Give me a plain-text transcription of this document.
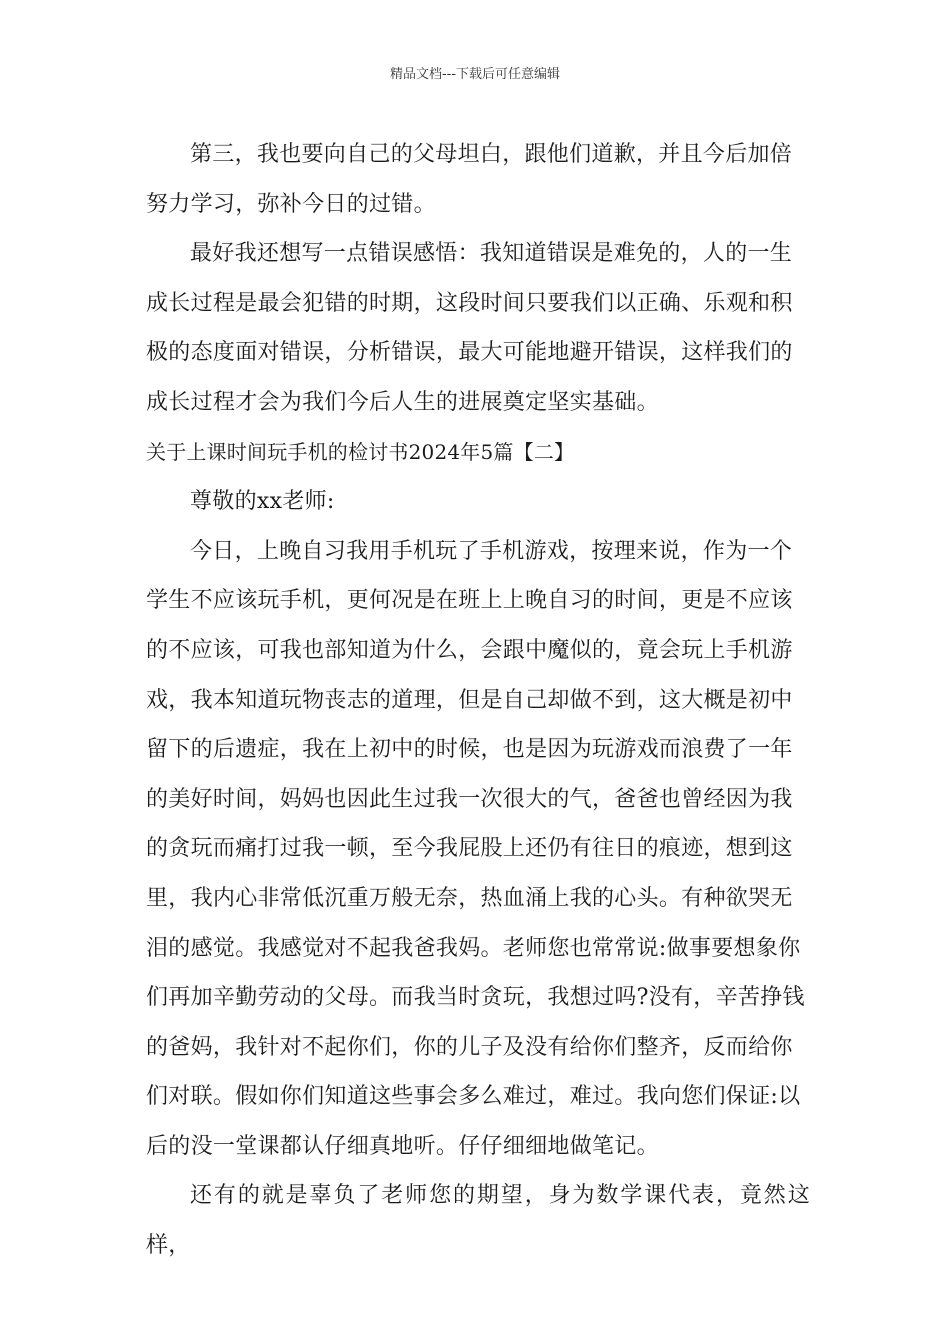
精品文档---下载后可任意编辑

第三，我也要向自己的父母坦白，跟他们道歉，并且今后加倍
努力学习，弥补今日的过错。

最好我还想写一点错误感悟：我知道错误是难免的，人的一生
成长过程是最会犯错的时期，这段时间只要我们以正确、乐观和积
极的态度面对错误，分析错误，最大可能地避开错误，这样我们的
成长过程才会为我们今后人生的进展奠定坚实基础。

关于上课时间玩手机的检讨书2024年5篇【二】

尊敬的xx老师:

今日，上晚自习我用手机玩了手机游戏，按理来说，作为一个
学生不应该玩手机，更何况是在班上上晚自习的时间，更是不应该
的不应该，可我也部知道为什么，会跟中魔似的，竟会玩上手机游
戏，我本知道玩物丧志的道理，但是自己却做不到，这大概是初中
留下的后遗症，我在上初中的时候，也是因为玩游戏而浪费了一年
的美好时间，妈妈也因此生过我一次很大的气，爸爸也曾经因为我
的贪玩而痛打过我一顿，至今我屁股上还仍有往日的痕迹，想到这
里，我内心非常低沉重万般无奈，热血涌上我的心头。有种欲哭无
泪的感觉。我感觉对不起我爸我妈。老师您也常常说:做事要想象你
们再加辛勤劳动的父母。而我当时贪玩，我想过吗?没有，辛苦挣钱
的爸妈，我针对不起你们，你的儿子及没有给你们整齐，反而给你
们对联。假如你们知道这些事会多么难过，难过。我向您们保证:以
后的没一堂课都认仔细真地听。仔仔细细地做笔记。

还有的就是辜负了老师您的期望，身为数学课代表，竟然这样，
